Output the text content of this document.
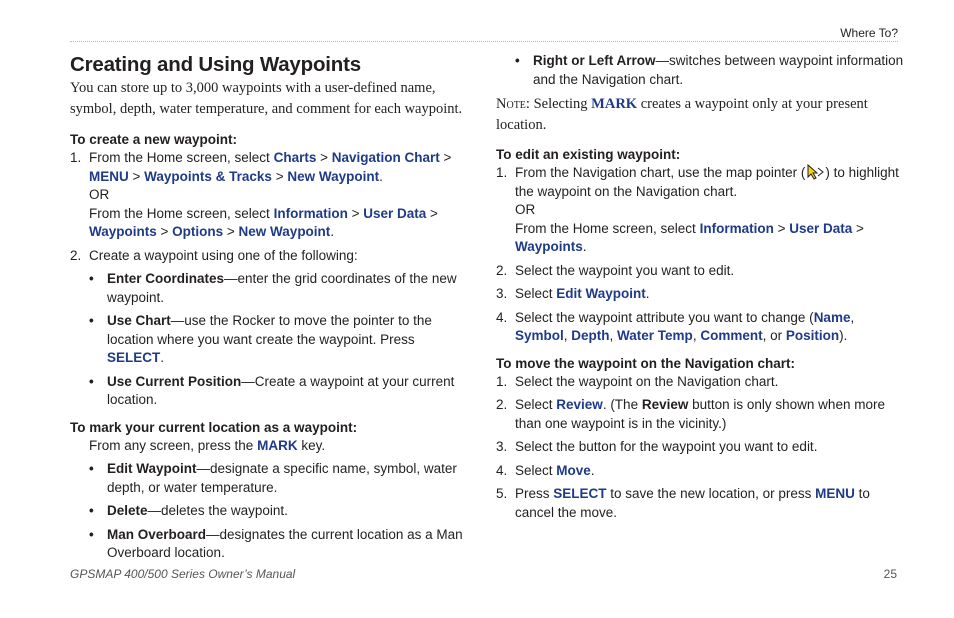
Where To?
Creating and Using Waypoints

You can store up to 3,000 waypoints with a user-defined name, symbol, depth, water temperature, and comment for each waypoint.

To create a new waypoint:
1. From the Home screen, select Charts > Navigation Chart >
MENU > Waypoints & Tracks > New Waypoint.
OR
From the Home screen, select Information > User Data >
Waypoints > Options > New Waypoint.
2. Create a waypoint using one of the following:
• Enter Coordinates—enter the grid coordinates of the new waypoint.
• Use Chart—use the Rocker to move the pointer to the location where you want create the waypoint. Press SELECT.
• Use Current Position—Create a waypoint at your current location.
To mark your current location as a waypoint:

From any screen, press the MARK key.

• Edit Waypoint—designate a specific name, symbol, water depth, or water temperature.
• Delete—deletes the waypoint.
• Man Overboard—designates the current location as a Man Overboard location.
• Right or Left Arrow—switches between waypoint information and the Navigation chart.

Note: Selecting MARK creates a waypoint only at your present location.

To edit an existing waypoint:
1. From the Navigation chart, use the map pointer ( ) to highlight the waypoint on the Navigation chart.
OR
From the Home screen, select Information > User Data >
Waypoints.
2. Select the waypoint you want to edit.
3. Select Edit Waypoint.
4. Select the waypoint attribute you want to change (Name,
Symbol, Depth, Water Temp, Comment, or Position).
To move the waypoint on the Navigation chart:
1. Select the waypoint on the Navigation chart.
2. Select Review. (The Review button is only shown when more than one waypoint is in the vicinity.)
3. Select the button for the waypoint you want to edit.
4. Select Move.
5. Press SELECT to save the new location, or press MENU to cancel the move.
GPSMAP 400/500 Series Owner’s Manual	25
